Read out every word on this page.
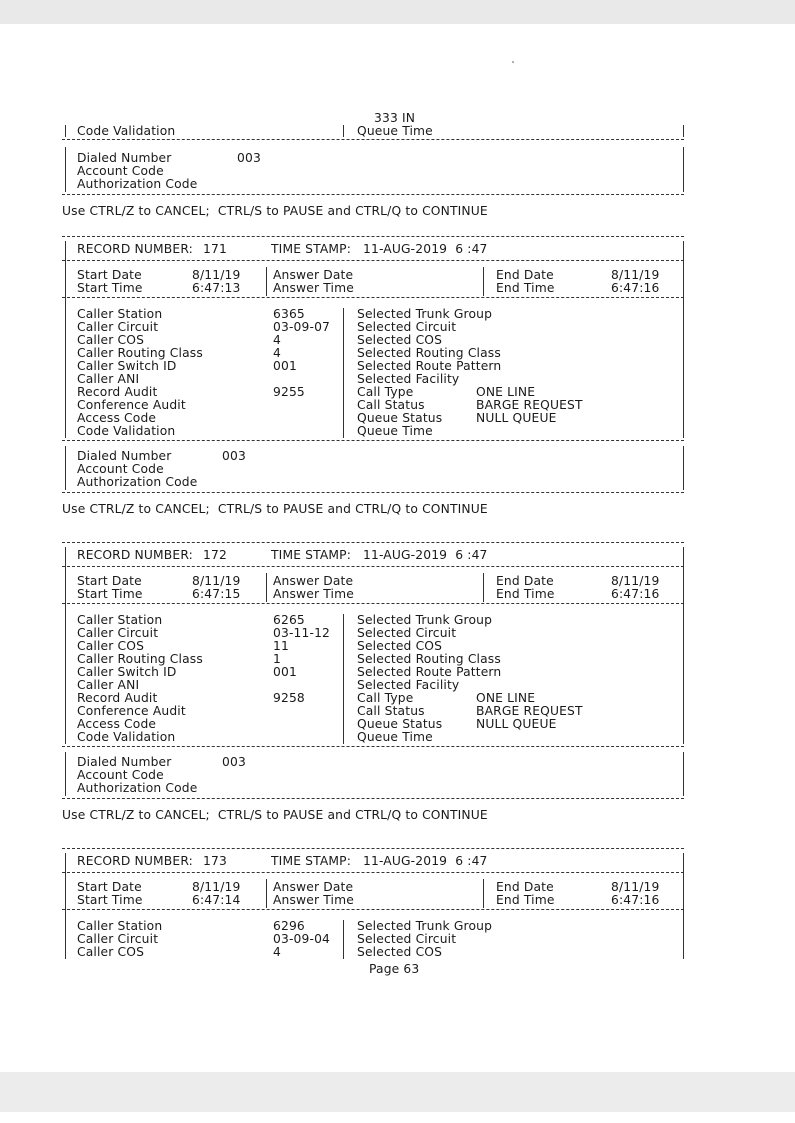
333 IN
Code Validation	Queue Time
Dialed Number	003
Account Code
Authorization Code
Use CTRL/Z to CANCEL;  CTRL/S to PAUSE and CTRL/Q to CONTINUE
RECORD NUMBER: 171	TIME STAMP: 11-AUG-2019  6 :47
Start Date	8/11/19	Answer Date	End Date	8/11/19
Start Time	6:47:13	Answer Time	End Time	6:47:16
Caller Station	6365	Selected Trunk Group
Caller Circuit	03-09-07 Selected Circuit
Caller COS	4	Selected COS
Caller Routing Class	4	Selected Routing Class
Caller Switch ID	001	Selected Route Pattern
Caller ANI	Selected Facility
Record Audit	9255	Call Type	ONE LINE
Conference Audit	Call Status	BARGE REQUEST
Access Code	Queue Status	NULL QUEUE
Code Validation	Queue Time
Dialed Number	003
Account Code
Authorization Code
Use CTRL/Z to CANCEL;  CTRL/S to PAUSE and CTRL/Q to CONTINUE
RECORD NUMBER: 172	TIME STAMP: 11-AUG-2019  6 :47
Start Date	8/11/19	Answer Date	End Date	8/11/19
Start Time	6:47:15	Answer Time	End Time	6:47:16
Caller Station	6265	Selected Trunk Group
Caller Circuit	03-11-12 Selected Circuit
Caller COS	11	Selected COS
Caller Routing Class	1	Selected Routing Class
Caller Switch ID	001	Selected Route Pattern
Caller ANI	Selected Facility
Record Audit	9258	Call Type	ONE LINE
Conference Audit	Call Status	BARGE REQUEST
Access Code	Queue Status	NULL QUEUE
Code Validation	Queue Time
Dialed Number	003
Account Code
Authorization Code
Use CTRL/Z to CANCEL;  CTRL/S to PAUSE and CTRL/Q to CONTINUE
RECORD NUMBER: 173	TIME STAMP: 11-AUG-2019  6 :47
Start Date	8/11/19	Answer Date	End Date	8/11/19
Start Time	6:47:14	Answer Time	End Time	6:47:16
Caller Station	6296	Selected Trunk Group
Caller Circuit	03-09-04 Selected Circuit
Caller COS	4	Selected COS
Page 63
